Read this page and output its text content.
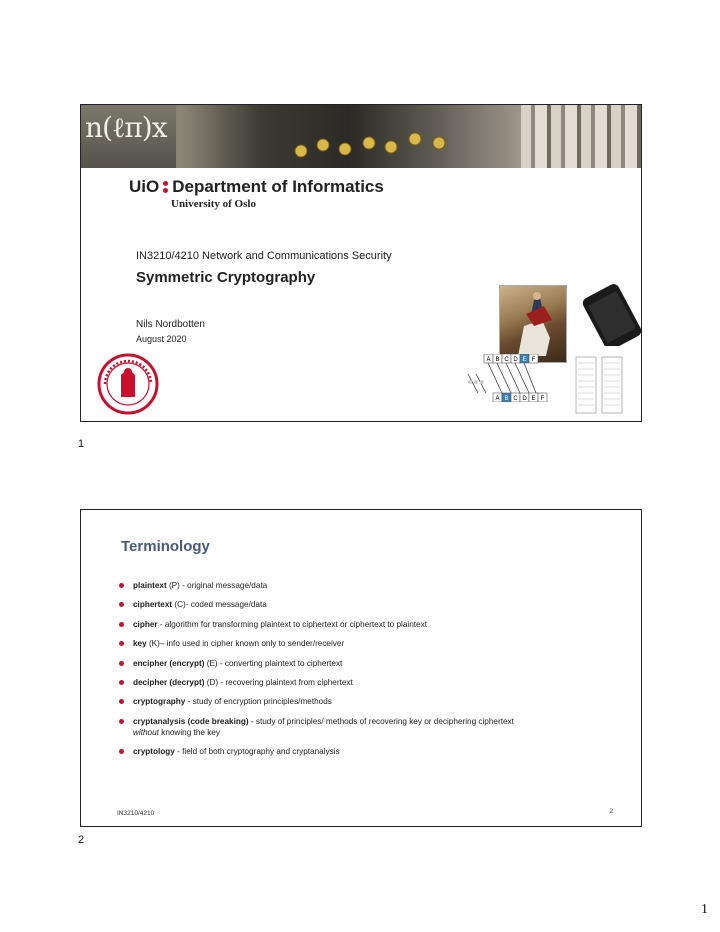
n(ℓπ)x
UiO Department of Informatics
University of Oslo
IN3210/4210 Network and Communications Security
Symmetric Cryptography
Nils Nordbotten
August 2020
A B C D E F
A B C D E F
1
Terminology
plaintext (P) - original message/data
ciphertext (C)- coded message/data
cipher - algorithm for transforming plaintext to ciphertext or ciphertext to plaintext
key (K)– info used in cipher known only to sender/receiver
encipher (encrypt) (E) - converting plaintext to ciphertext
decipher (decrypt) (D) - recovering plaintext from ciphertext
cryptography - study of encryption principles/methods
cryptanalysis (code breaking) - study of principles/ methods of recovering key or deciphering ciphertext
without knowing the key
cryptology - field of both cryptography and cryptanalysis
IN3210/4210	2
2
1
